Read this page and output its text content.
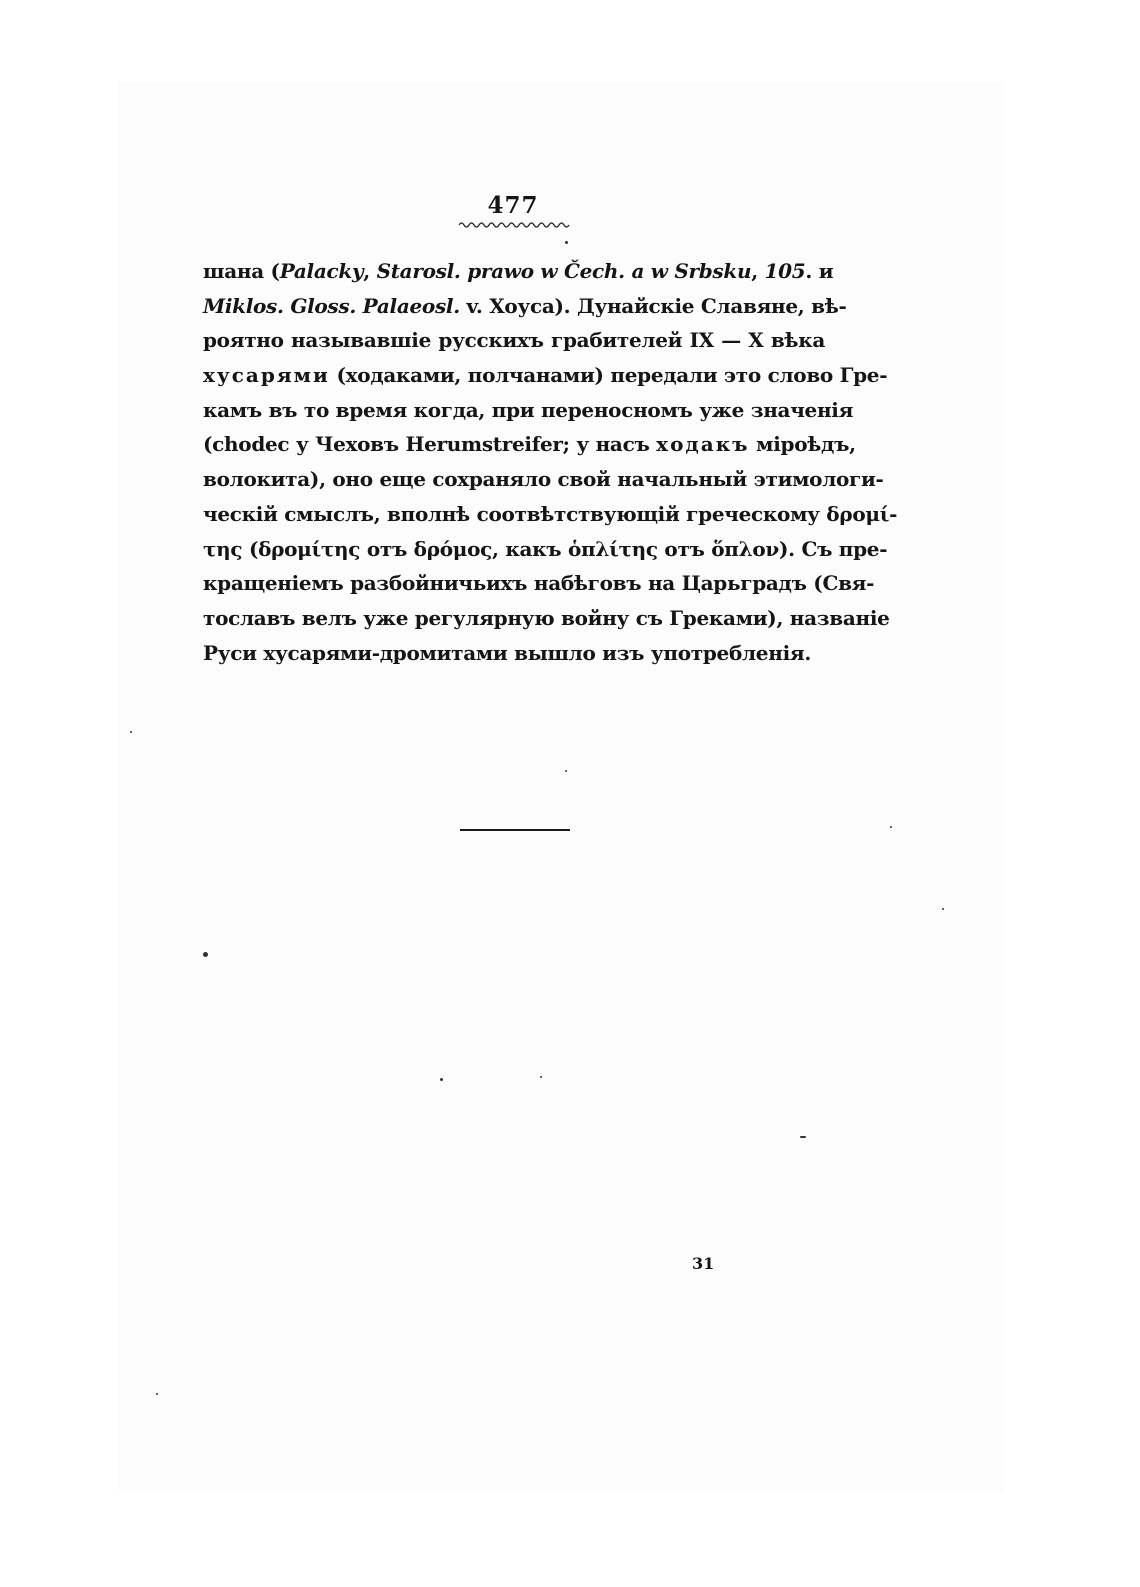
477
шана (Palacky, Starosl. prawo w Čech. a w Srbsku, 105. и
Miklos. Gloss. Palaeosl. v. Хоуса). Дунайскіе Славяне, вѣ-
роятно называвшіе русскихъ грабителей IX — X вѣка
хусарями (ходаками, полчанами) передали это слово Гре-
камъ въ то время когда, при переносномъ уже значенія
(chodec у Чеховъ Herumstreifer; у насъ ходакъ міроѣдъ,
волокита), оно еще сохраняло свой начальный этимологи-
ческій смыслъ, вполнѣ соотвѣтствующій греческому δρομί-
της (δρομίτης отъ δρόμος, какъ ὁπλίτης отъ ὅπλον). Съ пре-
кращеніемъ разбойничьихъ набѣговъ на Царьградъ (Свя-
тославъ велъ уже регулярную войну съ Греками), названіе
Руси хусарями-дромитами вышло изъ употребленія.
31
